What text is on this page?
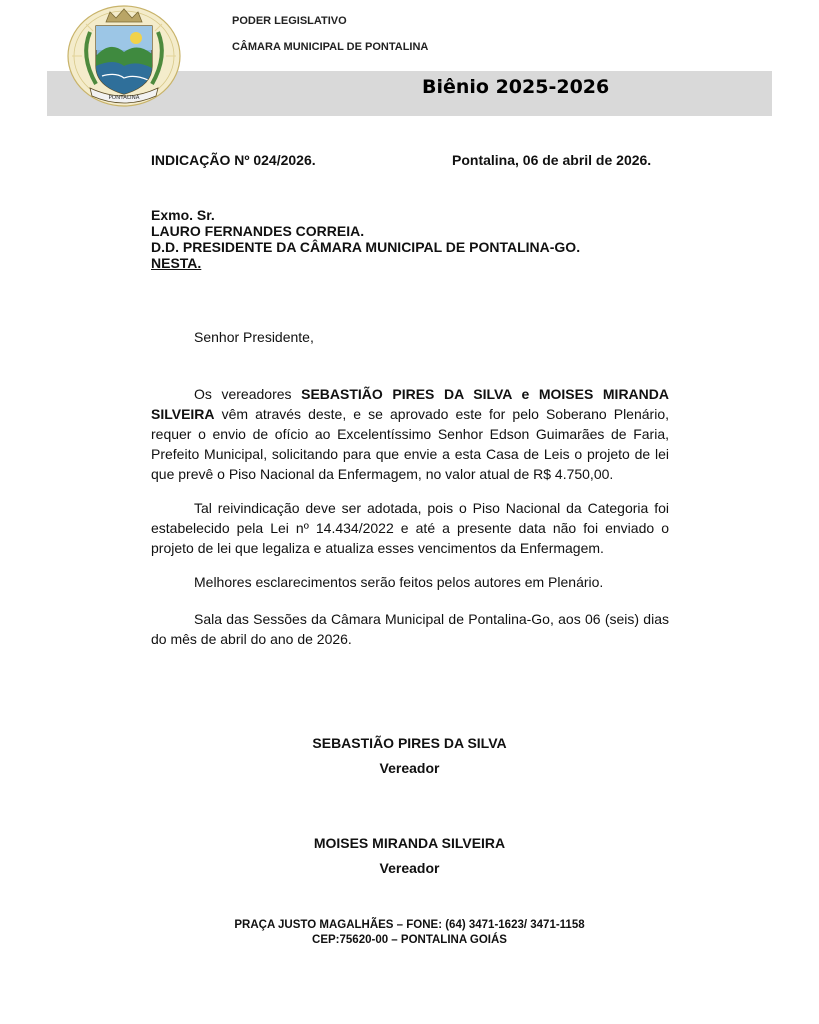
Biênio 2025-2026
PONTALINA
PODER LEGISLATIVO
CÂMARA MUNICIPAL DE PONTALINA
INDICAÇÃO Nº 024/2026.	Pontalina, 06 de abril de 2026.
Exmo. Sr.
LAURO FERNANDES CORREIA.
D.D. PRESIDENTE DA CÂMARA MUNICIPAL DE PONTALINA-GO.
NESTA.
Senhor Presidente,
Os vereadores SEBASTIÃO PIRES DA SILVA e MOISES MIRANDA SILVEIRA vêm através deste, e se aprovado este for pelo Soberano Plenário, requer o envio de ofício ao Excelentíssimo Senhor Edson Guimarães de Faria, Prefeito Municipal, solicitando para que envie a esta Casa de Leis o projeto de lei que prevê o Piso Nacional da Enfermagem, no valor atual de R$ 4.750,00.
Tal reivindicação deve ser adotada, pois o Piso Nacional da Categoria foi estabelecido pela Lei nº 14.434/2022 e até a presente data não foi enviado o projeto de lei que legaliza e atualiza esses vencimentos da Enfermagem.
Melhores esclarecimentos serão feitos pelos autores em Plenário.
Sala das Sessões da Câmara Municipal de Pontalina-Go, aos 06 (seis) dias do mês de abril do ano de 2026.
SEBASTIÃO PIRES DA SILVA
Vereador
MOISES MIRANDA SILVEIRA
Vereador
PRAÇA JUSTO MAGALHÃES – FONE: (64) 3471-1623/ 3471-1158
CEP:75620-00 – PONTALINA GOIÁS
